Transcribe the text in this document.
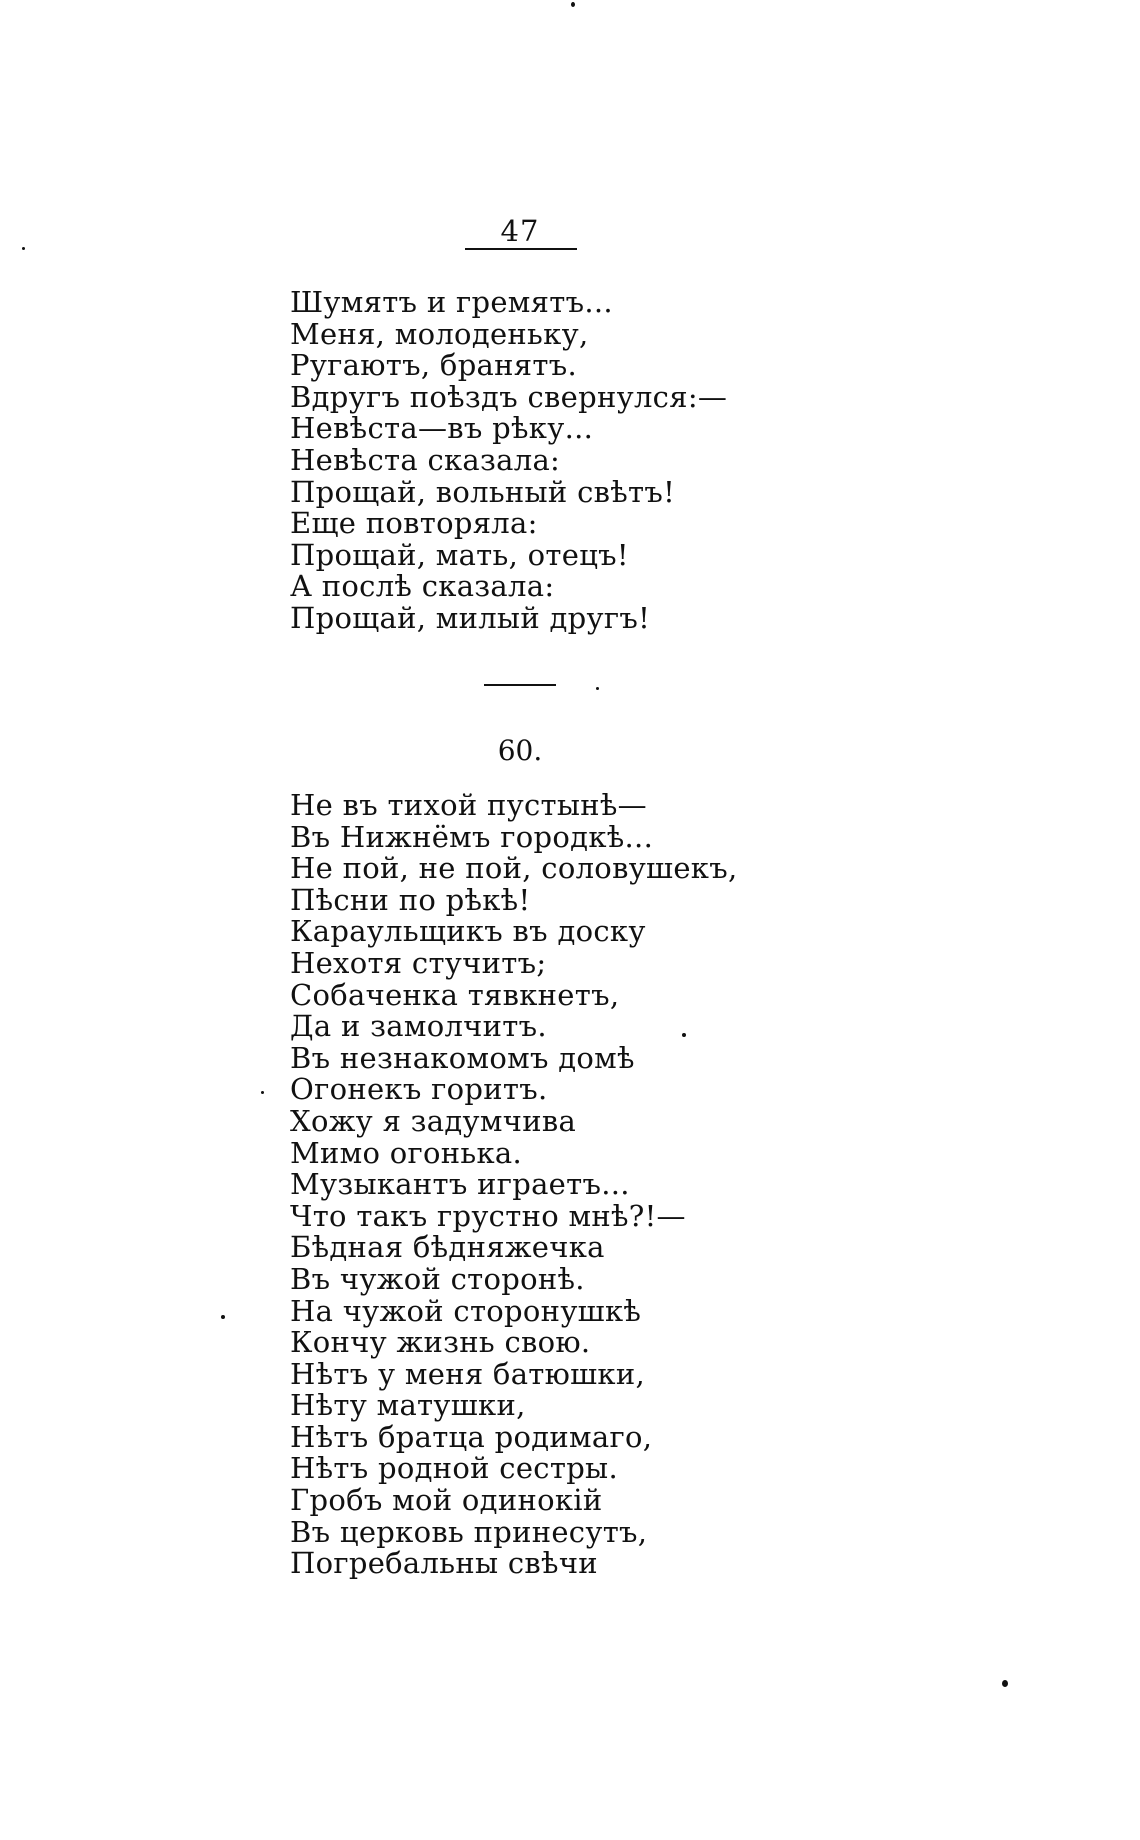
47
Шумятъ и гремятъ...
Меня, молоденьку,
Ругаютъ, бранятъ.
Вдругъ поѣздъ свернулся:—
Невѣста—въ рѣку...
Невѣста сказала:
Прощай, вольный свѣтъ!
Еще повторяла:
Прощай, мать, отецъ!
А послѣ сказала:
Прощай, милый другъ!
60.
Не въ тихой пустынѣ—
Въ Нижнёмъ городкѣ...
Не пой, не пой, соловушекъ,
Пѣсни по рѣкѣ!
Караульщикъ въ доску
Нехотя стучитъ;
Собаченка тявкнетъ,
Да и замолчитъ.
Въ незнакомомъ домѣ
Огонекъ горитъ.
Хожу я задумчива
Мимо огонька.
Музыкантъ играетъ...
Что такъ грустно мнѣ?!—
Бѣдная бѣдняжечка
Въ чужой сторонѣ.
На чужой сторонушкѣ
Кончу жизнь свою.
Нѣтъ у меня батюшки,
Нѣту матушки,
Нѣтъ братца родимаго,
Нѣтъ родной сестры.
Гробъ мой одинокій
Въ церковь принесутъ,
Погребальны свѣчи
